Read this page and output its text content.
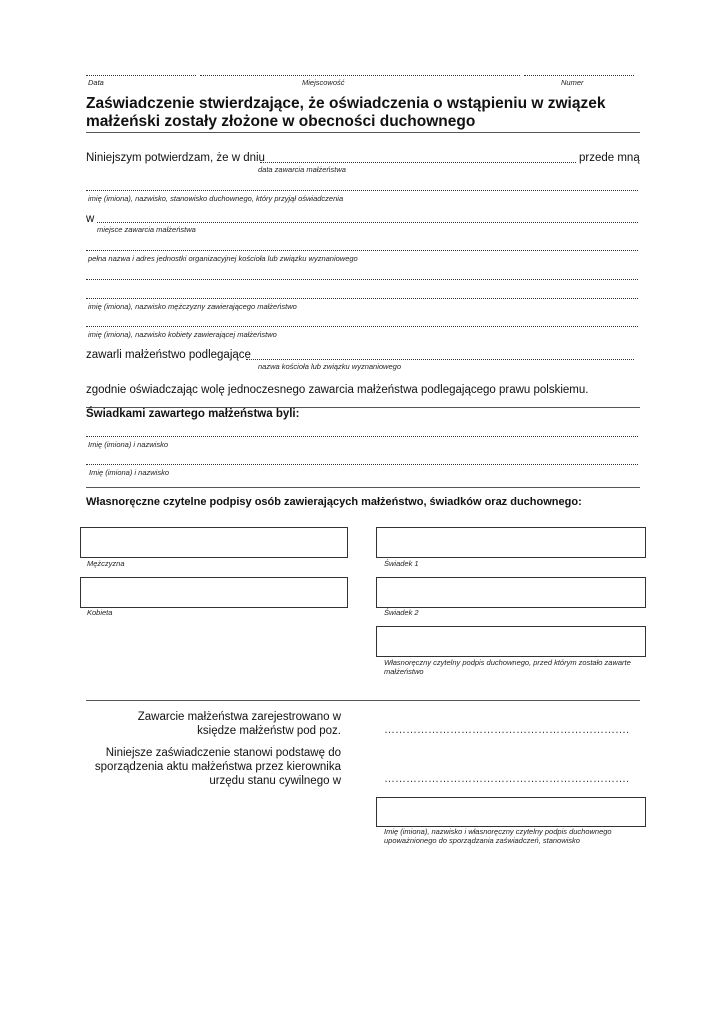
Data	Miejscowość	Numer
Zaświadczenie stwierdzające, że oświadczenia o wstąpieniu w związek małżeński zostały złożone w obecności duchownego
Niniejszym potwierdzam, że w dniu	przede mną
data zawarcia małżeństwa
imię (imiona), nazwisko, stanowisko duchownego, który przyjął oświadczenia
w
miejsce zawarcia małżeństwa
pełna nazwa i adres jednostki organizacyjnej kościoła lub związku wyznaniowego
imię (imiona), nazwisko mężczyzny zawierającego małżeństwo
imię (imiona), nazwisko kobiety zawierającej małżeństwo
zawarli małżeństwo podlegające
nazwa kościoła lub związku wyznaniowego
zgodnie oświadczając wolę jednoczesnego zawarcia małżeństwa podlegającego prawu polskiemu.
Świadkami zawartego małżeństwa byli:
Imię (imiona) i nazwisko
Imię (imiona) i nazwisko
Własnoręczne czytelne podpisy osób zawierających małżeństwo, świadków oraz duchownego:
Mężczyzna	Świadek 1
Kobieta	Świadek 2
Własnoręczny czytelny podpis duchownego, przed którym zostało zawarte małżeństwo
Zawarcie małżeństwa zarejestrowano w księdze małżeństw pod poz.	………………………………………………………….
Niniejsze zaświadczenie stanowi podstawę do sporządzenia aktu małżeństwa przez kierownika urzędu stanu cywilnego w	………………………………………………………….
Imię (imiona), nazwisko i własnoręczny czytelny podpis duchownego upoważnionego do sporządzania zaświadczeń, stanowisko
